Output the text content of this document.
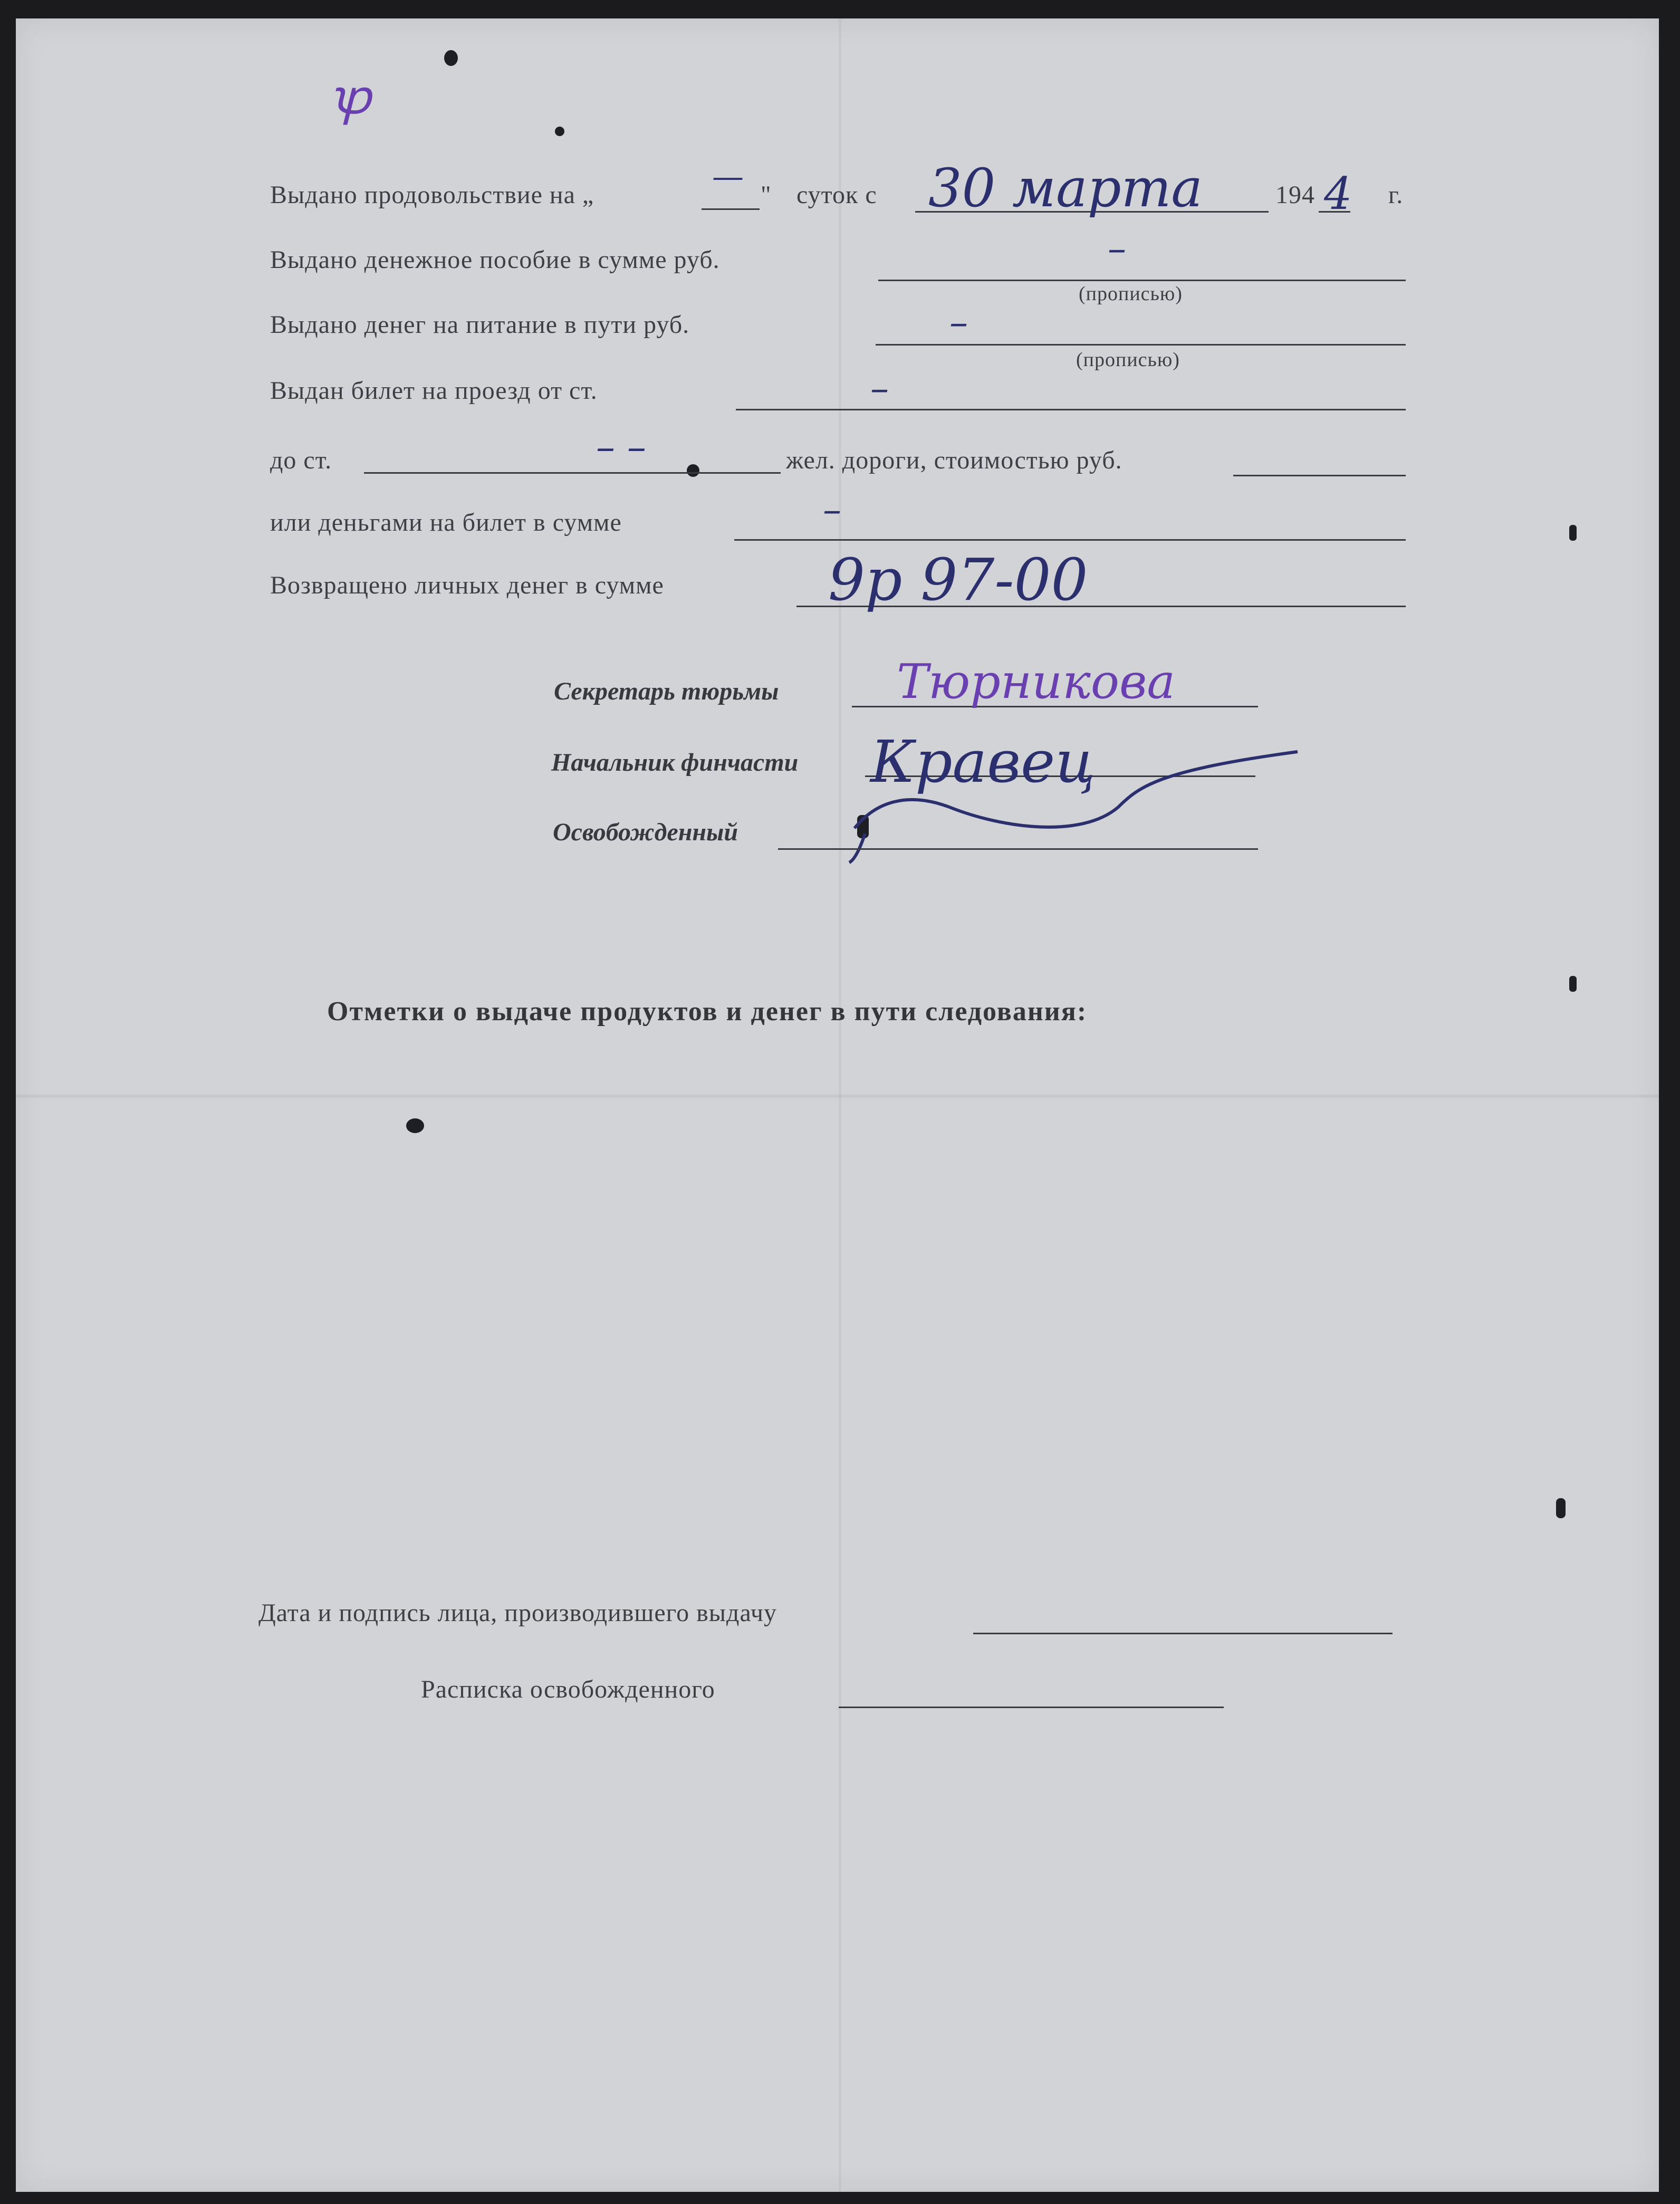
ꝕ
Выдано продовольствие на „	"
— суток с 30 марта	194 4 г.
Выдано денежное пособие в сумме руб.	–
(прописью)
Выдано денег на питание в пути руб.	–
(прописью)
Выдан билет на проезд от ст.	–
до ст.	– –	жел. дороги, стоимостью руб.
или деньгами на билет в сумме	–
Возвращено личных денег в сумме	9р 97-00
Секретарь тюрьмы Тюрникова
Начальник финчасти Кравец
Освобожденный
Отметки о выдаче продуктов и денег в пути следования:
Дата и подпись лица, производившего выдачу
Расписка освобожденного
